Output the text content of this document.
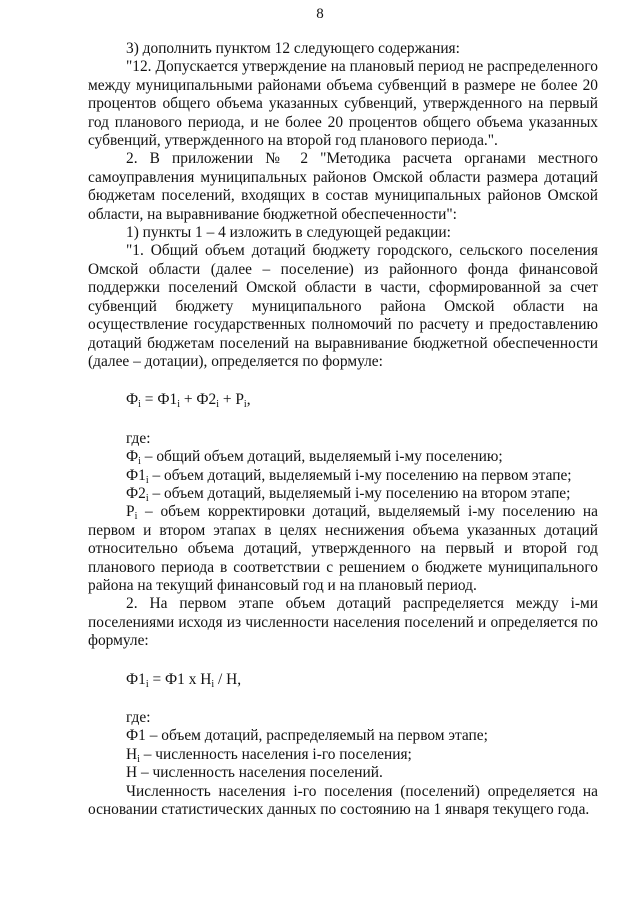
8

3) дополнить пунктом 12 следующего содержания:

"12. Допускается утверждение на плановый период не распределенного между муниципальными районами объема субвенций в размере не более 20 процентов общего объема указанных субвенций, утвержденного на первый год планового периода, и не более 20 процентов общего объема указанных субвенций, утвержденного на второй год планового периода.".

2. В приложении № 2 "Методика расчета органами местного самоуправления муниципальных районов Омской области размера дотаций бюджетам поселений, входящих в состав муниципальных районов Омской области, на выравнивание бюджетной обеспеченности":

1) пункты 1 – 4 изложить в следующей редакции:

"1. Общий объем дотаций бюджету городского, сельского поселения Омской области (далее – поселение) из районного фонда финансовой поддержки поселений Омской области в части, сформированной за счет субвенций бюджету муниципального района Омской области на осуществление государственных полномочий по расчету и предоставлению дотаций бюджетам поселений на выравнивание бюджетной обеспеченности (далее – дотации), определяется по формуле:

$Ф_i = Ф1_i + Ф2_i + Р_i$,

где:

$Ф_i$ – общий объем дотаций, выделяемый i-му поселению;

$Ф1_i$ – объем дотаций, выделяемый i-му поселению на первом этапе;

$Ф2_i$ – объем дотаций, выделяемый i-му поселению на втором этапе;

$Р_i$ – объем корректировки дотаций, выделяемый i-му поселению на первом и втором этапах в целях неснижения объема указанных дотаций относительно объема дотаций, утвержденного на первый и второй год планового периода в соответствии с решением о бюджете муниципального района на текущий финансовый год и на плановый период.

2. На первом этапе объем дотаций распределяется между i-ми поселениями исходя из численности населения поселений и определяется по формуле:

$Ф1_i = Ф1$ х $Н_i$ / Н,

где:

Ф1 – объем дотаций, распределяемый на первом этапе;

$Н_i$ – численность населения i-го поселения;

Н – численность населения поселений.

Численность населения i-го поселения (поселений) определяется на основании статистических данных по состоянию на 1 января текущего года.
